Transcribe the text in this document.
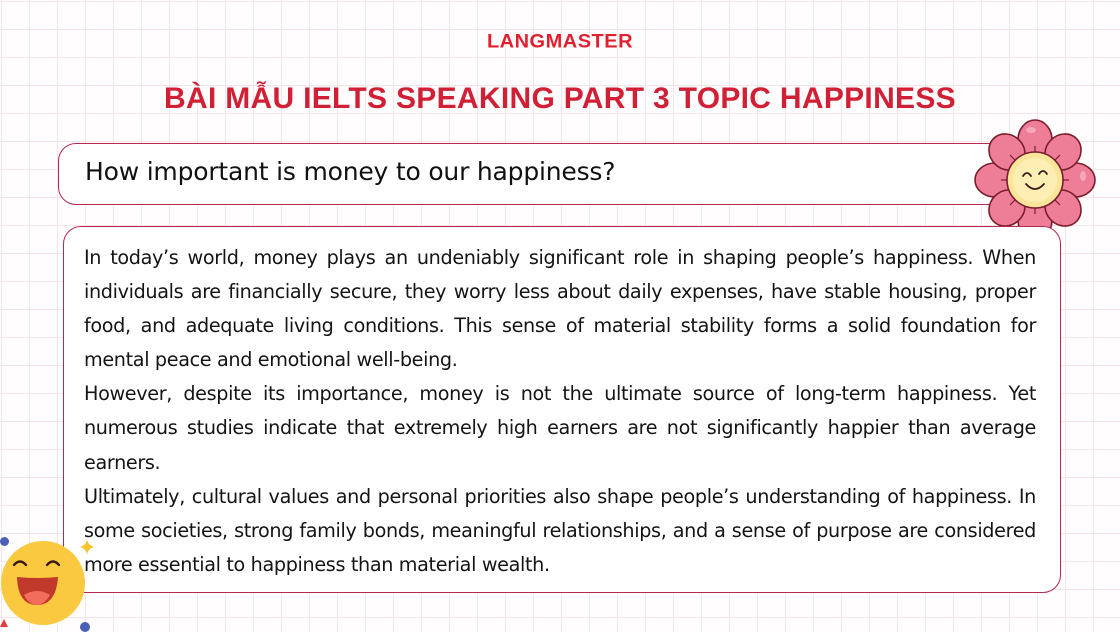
LANGMASTER
BÀI MẪU IELTS SPEAKING PART 3 TOPIC HAPPINESS
How important is money to our happiness?

In today’s world, money plays an undeniably significant role in shaping people’s happiness. When individuals are financially secure, they worry less about daily expenses, have stable housing, proper food, and adequate living conditions. This sense of material stability forms a solid foundation for mental peace and emotional well-being.

However, despite its importance, money is not the ultimate source of long-term happiness. Yet numerous studies indicate that extremely high earners are not significantly happier than average earners.

Ultimately, cultural values and personal priorities also shape people’s understanding of happiness. In some societies, strong family bonds, meaningful relationships, and a sense of purpose are considered more essential to happiness than material wealth.
